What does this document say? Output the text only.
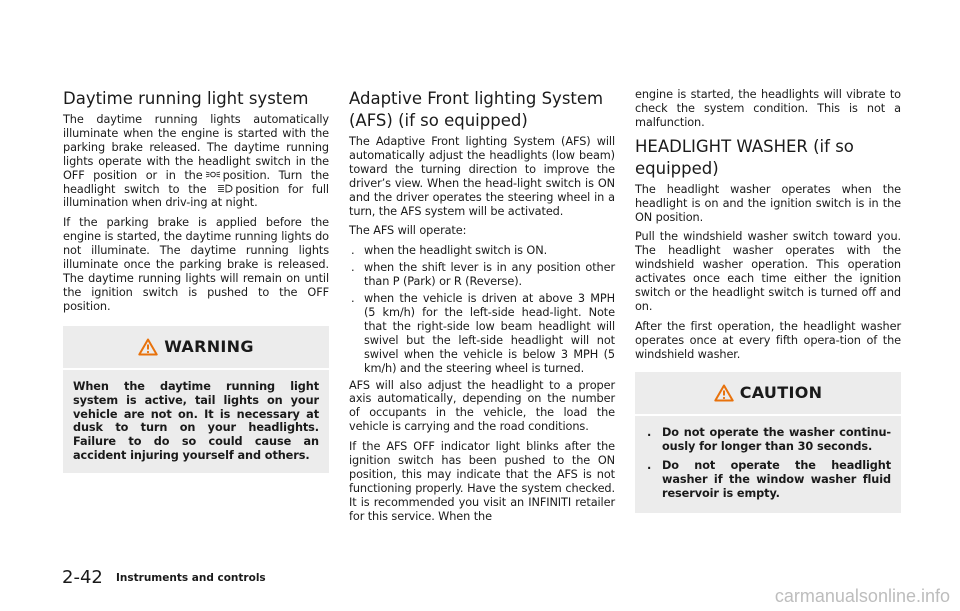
Daytime running light system

The daytime running lights automatically illuminate when the engine is started with the parking brake released. The daytime running lights operate with the headlight switch in the OFF position or in the position. Turn the headlight switch to the	position for full illumination when driv-ing at night.

If the parking brake is applied before the engine is started, the daytime running lights do not illuminate. The daytime running lights illuminate once the parking brake is released. The daytime running lights will remain on until the ignition switch is pushed to the OFF position.

WARNING

When the daytime running light system is active, tail lights on your vehicle are not on. It is necessary at dusk to turn on your headlights. Failure to do so could cause an accident injuring yourself and others.

Adaptive Front lighting System (AFS) (if so equipped)

The Adaptive Front lighting System (AFS) will automatically adjust the headlights (low beam) toward the turning direction to improve the driver’s view. When the head-light switch is ON and the driver operates the steering wheel in a turn, the AFS system will be activated.

The AFS will operate:

. when the headlight switch is ON.
. when the shift lever is in any position other than P (Park) or R (Reverse).
. when the vehicle is driven at above 3 MPH (5 km/h) for the left-side head-light. Note that the right-side low beam headlight will swivel but the left-side headlight will not swivel when the vehicle is below 3 MPH (5 km/h) and the steering wheel is turned.

AFS will also adjust the headlight to a proper axis automatically, depending on the number of occupants in the vehicle, the load the vehicle is carrying and the road conditions.

If the AFS OFF indicator light blinks after the ignition switch has been pushed to the ON position, this may indicate that the AFS is not functioning properly. Have the system checked. It is recommended you visit an INFINITI retailer for this service. When the

engine is started, the headlights will vibrate to check the system condition. This is not a malfunction.

HEADLIGHT WASHER (if so equipped)

The headlight washer operates when the headlight is on and the ignition switch is in the ON position.

Pull the windshield washer switch toward you. The headlight washer operates with the windshield washer operation. This operation activates once each time either the ignition switch or the headlight switch is turned off and on.

After the first operation, the headlight washer operates once at every fifth opera-tion of the windshield washer.

CAUTION
. Do not operate the washer continu-ously for longer than 30 seconds.
. Do not operate the headlight washer if the window washer fluid reservoir is empty.
2-42 Instruments and controls
carmanualsonline.info
